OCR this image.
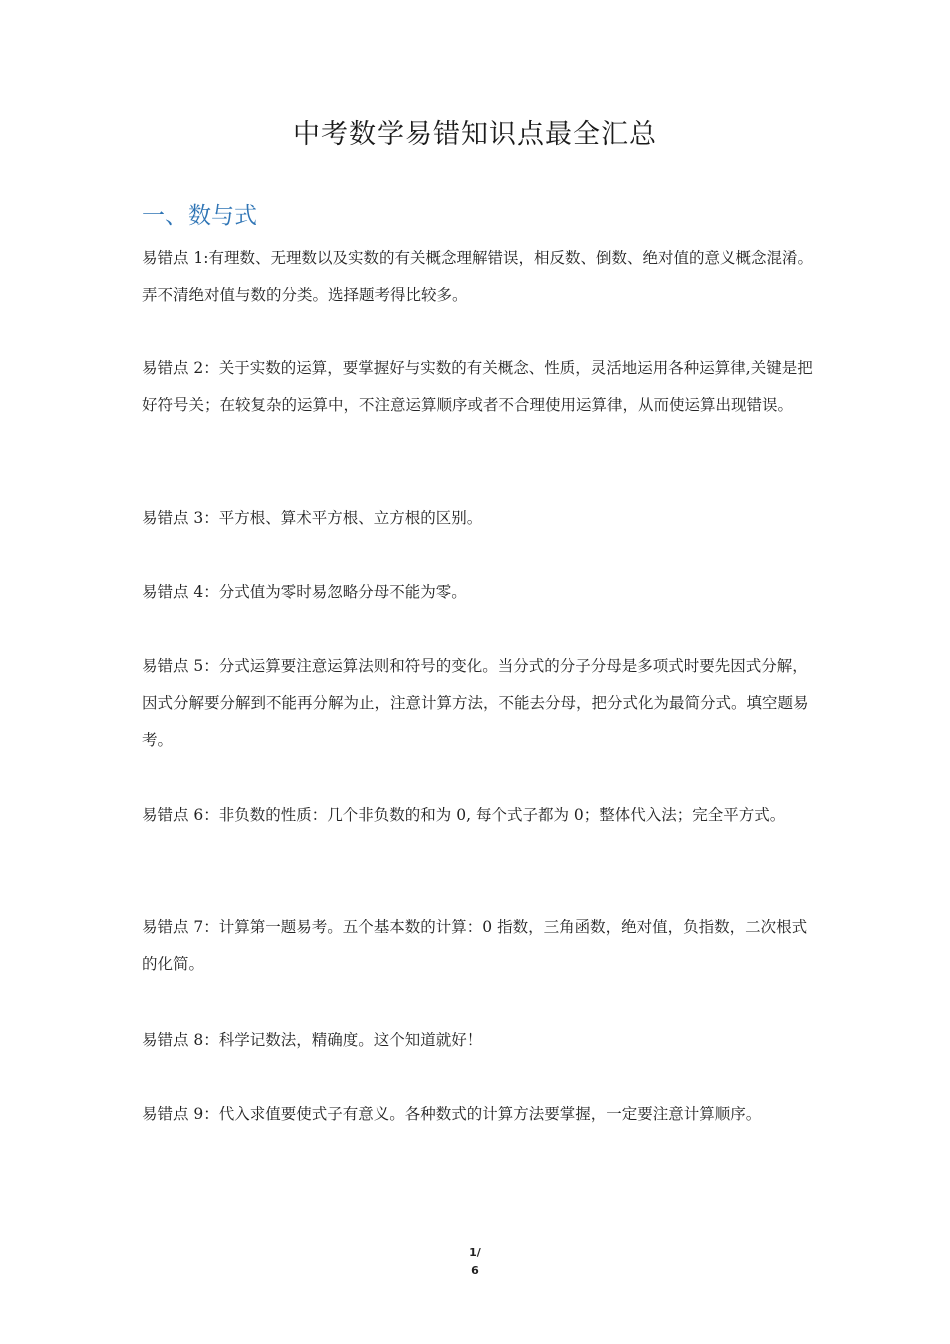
中考数学易错知识点最全汇总
一、数与式

易错点 1:有理数、无理数以及实数的有关概念理解错误，相反数、倒数、绝对值的意义概念混淆。弄不清绝对值与数的分类。选择题考得比较多。

易错点 2：关于实数的运算，要掌握好与实数的有关概念、性质，灵活地运用各种运算律,关键是把好符号关；在较复杂的运算中，不注意运算顺序或者不合理使用运算律，从而使运算出现错误。

易错点 3：平方根、算术平方根、立方根的区别。

易错点 4：分式值为零时易忽略分母不能为零。

易错点 5：分式运算要注意运算法则和符号的变化。当分式的分子分母是多项式时要先因式分解，因式分解要分解到不能再分解为止，注意计算方法，不能去分母，把分式化为最简分式。填空题易考。

易错点 6：非负数的性质：几个非负数的和为 0, 每个式子都为 0；整体代入法；完全平方式。

易错点 7：计算第一题易考。五个基本数的计算：0 指数，三角函数，绝对值，负指数，二次根式的化简。

易错点 8：科学记数法，精确度。这个知道就好！

易错点 9：代入求值要使式子有意义。各种数式的计算方法要掌握，一定要注意计算顺序。

1/
6
